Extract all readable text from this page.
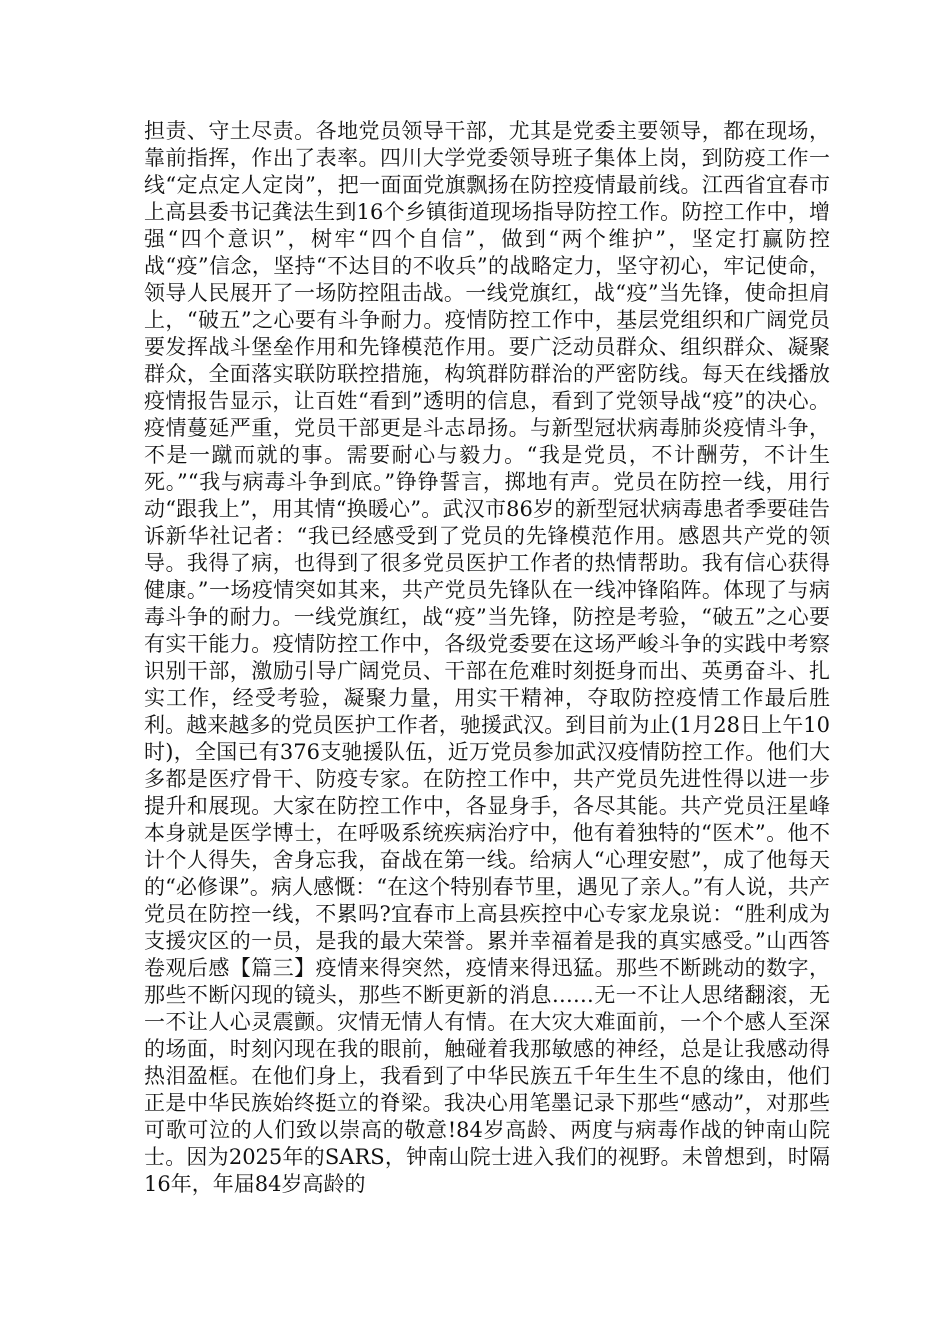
担责、守土尽责。各地党员领导干部，尤其是党委主要领导，都在现场，靠前指挥，作出了表率。四川大学党委领导班子集体上岗，到防疫工作一线“定点定人定岗”，把一面面党旗飘扬在防控疫情最前线。江西省宜春市上高县委书记龚法生到16个乡镇街道现场指导防控工作。防控工作中，增强“四个意识”，树牢“四个自信”，做到“两个维护”，坚定打赢防控战“疫”信念，坚持“不达目的不收兵”的战略定力，坚守初心，牢记使命，领导人民展开了一场防控阻击战。一线党旗红，战“疫”当先锋，使命担肩上，“破五”之心要有斗争耐力。疫情防控工作中，基层党组织和广阔党员要发挥战斗堡垒作用和先锋模范作用。要广泛动员群众、组织群众、凝聚群众，全面落实联防联控措施，构筑群防群治的严密防线。每天在线播放疫情报告显示，让百姓“看到”透明的信息，看到了党领导战“疫”的决心。疫情蔓延严重，党员干部更是斗志昂扬。与新型冠状病毒肺炎疫情斗争，不是一蹴而就的事。需要耐心与毅力。“我是党员，不计酬劳，不计生死。”“我与病毒斗争到底。”铮铮誓言，掷地有声。党员在防控一线，用行动“跟我上”，用其情“换暖心”。武汉市86岁的新型冠状病毒患者季要硅告诉新华社记者：“我已经感受到了党员的先锋模范作用。感恩共产党的领导。我得了病，也得到了很多党员医护工作者的热情帮助。我有信心获得健康。”一场疫情突如其来，共产党员先锋队在一线冲锋陷阵。体现了与病毒斗争的耐力。一线党旗红，战“疫”当先锋，防控是考验，“破五”之心要有实干能力。疫情防控工作中，各级党委要在这场严峻斗争的实践中考察识别干部，激励引导广阔党员、干部在危难时刻挺身而出、英勇奋斗、扎实工作，经受考验，凝聚力量，用实干精神，夺取防控疫情工作最后胜利。越来越多的党员医护工作者，驰援武汉。到目前为止(1月28日上午10时)，全国已有376支驰援队伍，近万党员参加武汉疫情防控工作。他们大多都是医疗骨干、防疫专家。在防控工作中，共产党员先进性得以进一步提升和展现。大家在防控工作中，各显身手，各尽其能。共产党员汪星峰本身就是医学博士，在呼吸系统疾病治疗中，他有着独特的“医术”。他不计个人得失，舍身忘我，奋战在第一线。给病人“心理安慰”，成了他每天的“必修课”。病人感慨：“在这个特别春节里，遇见了亲人。”有人说，共产党员在防控一线，不累吗?宜春市上高县疾控中心专家龙泉说：“胜利成为支援灾区的一员，是我的最大荣誉。累并幸福着是我的真实感受。”山西答卷观后感【篇三】疫情来得突然，疫情来得迅猛。那些不断跳动的数字，那些不断闪现的镜头，那些不断更新的消息……无一不让人思绪翻滚，无一不让人心灵震颤。灾情无情人有情。在大灾大难面前，一个个感人至深的场面，时刻闪现在我的眼前，触碰着我那敏感的神经，总是让我感动得热泪盈框。在他们身上，我看到了中华民族五千年生生不息的缘由，他们正是中华民族始终挺立的脊梁。我决心用笔墨记录下那些“感动”，对那些可歌可泣的人们致以崇高的敬意!84岁高龄、两度与病毒作战的钟南山院士。因为2025年的SARS，钟南山院士进入我们的视野。未曾想到，时隔16年，年届84岁高龄的
